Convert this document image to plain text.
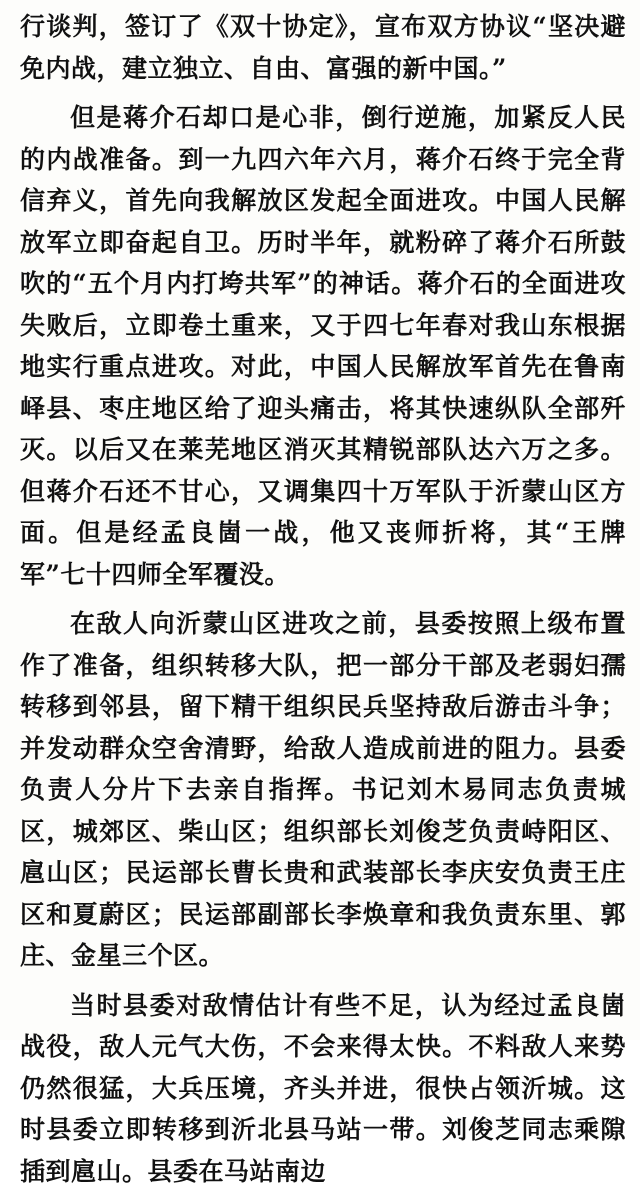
行谈判，签订了《双十协定》，宣布双方协议“坚决避免内战，建立独立、自由、富强的新中国。”

但是蒋介石却口是心非，倒行逆施，加紧反人民的内战准备。到一九四六年六月，蒋介石终于完全背信弃义，首先向我解放区发起全面进攻。中国人民解放军立即奋起自卫。历时半年，就粉碎了蒋介石所鼓吹的“五个月内打垮共军”的神话。蒋介石的全面进攻失败后，立即卷土重来，又于四七年春对我山东根据地实行重点进攻。对此，中国人民解放军首先在鲁南峄县、枣庄地区给了迎头痛击，将其快速纵队全部歼灭。以后又在莱芜地区消灭其精锐部队达六万之多。但蒋介石还不甘心，又调集四十万军队于沂蒙山区方面。但是经孟良崮一战，他又丧师折将，其“王牌军”七十四师全军覆没。

在敌人向沂蒙山区进攻之前，县委按照上级布置作了准备，组织转移大队，把一部分干部及老弱妇孺转移到邻县，留下精干组织民兵坚持敌后游击斗争；并发动群众空舍清野，给敌人造成前进的阻力。县委负责人分片下去亲自指挥。书记刘木易同志负责城区，城郊区、柴山区；组织部长刘俊芝负责峙阳区、扈山区；民运部长曹长贵和武装部长李庆安负责王庄区和夏蔚区；民运部副部长李焕章和我负责东里、郭庄、金星三个区。

当时县委对敌情估计有些不足，认为经过孟良崮战役，敌人元气大伤，不会来得太快。不料敌人来势仍然很猛，大兵压境，齐头并进，很快占领沂城。这时县委立即转移到沂北县马站一带。刘俊芝同志乘隙插到扈山。县委在马站南边
